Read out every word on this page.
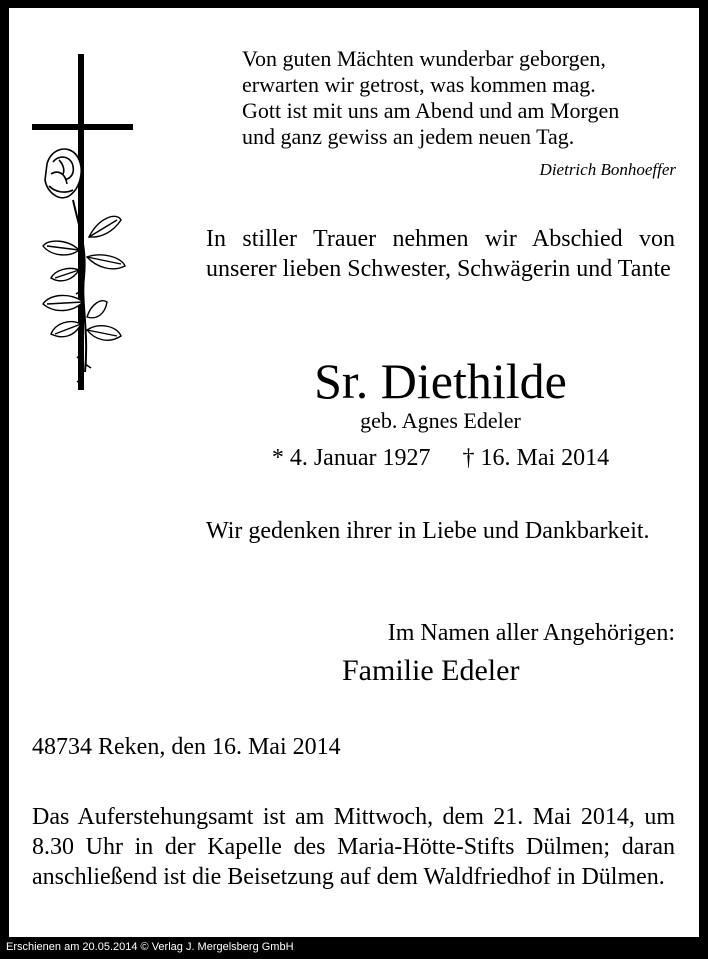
Von guten Mächten wunderbar geborgen,
erwarten wir getrost, was kommen mag.
Gott ist mit uns am Abend und am Morgen
und ganz gewiss an jedem neuen Tag.
Dietrich Bonhoeffer
In stiller Trauer nehmen wir Abschied von unserer lieben Schwester, Schwägerin und Tante
Sr. Diethilde
geb. Agnes Edeler
* 4. Januar 1927 † 16. Mai 2014
Wir gedenken ihrer in Liebe und Dankbarkeit.
Im Namen aller Angehörigen:
Familie Edeler
48734 Reken, den 16. Mai 2014
Das Auferstehungsamt ist am Mittwoch, dem 21. Mai 2014, um 8.30 Uhr in der Kapelle des Maria-Hötte-Stifts Dülmen; daran anschließend ist die Beisetzung auf dem Waldfriedhof in Dülmen.
Erschienen am 20.05.2014 © Verlag J. Mergelsberg GmbH
